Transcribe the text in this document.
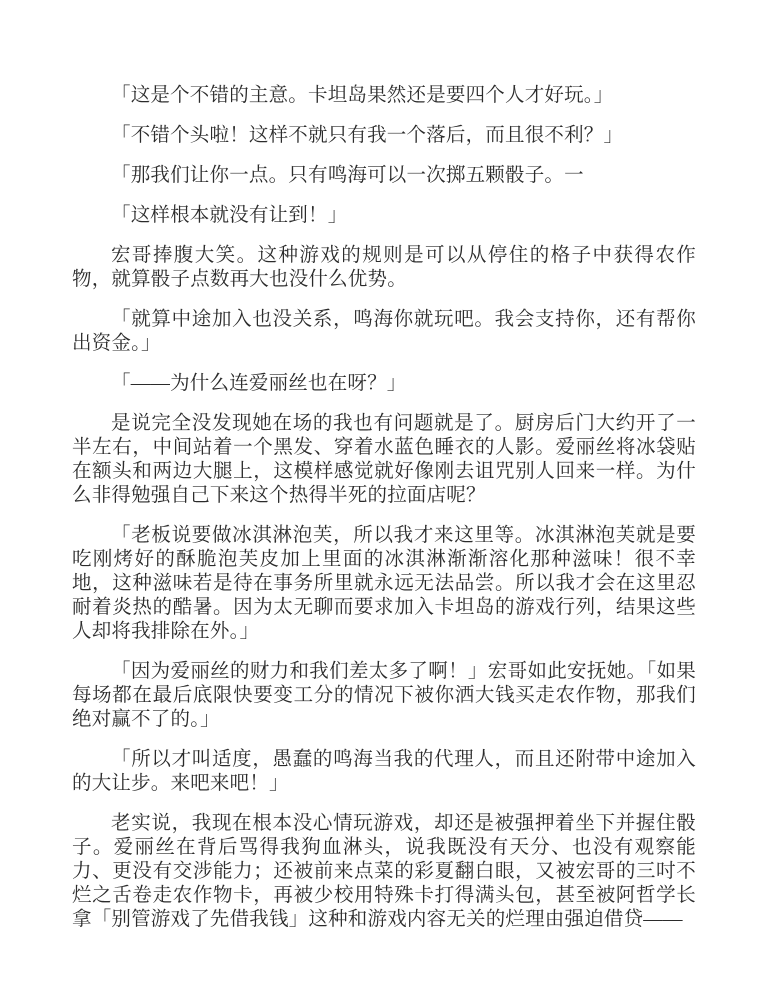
「这是个不错的主意。卡坦岛果然还是要四个人才好玩。」

「不错个头啦！这样不就只有我一个落后，而且很不利？」

「那我们让你一点。只有鸣海可以一次掷五颗骰子。一

「这样根本就没有让到！」

宏哥捧腹大笑。这种游戏的规则是可以从停住的格子中获得农作物，就算骰子点数再大也没什么优势。

「就算中途加入也没关系，鸣海你就玩吧。我会支持你，还有帮你出资金。」

「——为什么连爱丽丝也在呀？」

是说完全没发现她在场的我也有问题就是了。厨房后门大约开了一半左右，中间站着一个黑发、穿着水蓝色睡衣的人影。爱丽丝将冰袋贴在额头和两边大腿上，这模样感觉就好像刚去诅咒别人回来一样。为什么非得勉强自己下来这个热得半死的拉面店呢？

「老板说要做冰淇淋泡芙，所以我才来这里等。冰淇淋泡芙就是要吃刚烤好的酥脆泡芙皮加上里面的冰淇淋渐渐溶化那种滋味！很不幸地，这种滋味若是待在事务所里就永远无法品尝。所以我才会在这里忍耐着炎热的酷暑。因为太无聊而要求加入卡坦岛的游戏行列，结果这些人却将我排除在外。」

「因为爱丽丝的财力和我们差太多了啊！」宏哥如此安抚她。「如果每场都在最后底限快要变工分的情况下被你洒大钱买走农作物，那我们绝对赢不了的。」

「所以才叫适度，愚蠢的鸣海当我的代理人，而且还附带中途加入的大让步。来吧来吧！」

老实说，我现在根本没心情玩游戏，却还是被强押着坐下并握住骰子。爱丽丝在背后骂得我狗血淋头，说我既没有天分、也没有观察能力、更没有交涉能力；还被前来点菜的彩夏翻白眼，又被宏哥的三吋不烂之舌卷走农作物卡，再被少校用特殊卡打得满头包，甚至被阿哲学长拿「别管游戏了先借我钱」这种和游戏内容无关的烂理由强迫借贷——
